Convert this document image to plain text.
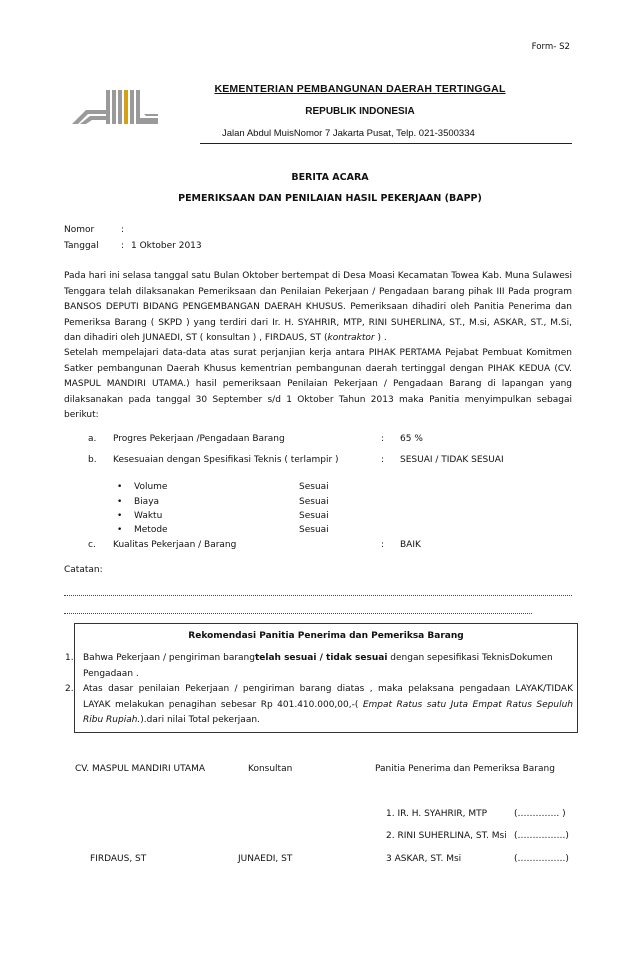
Form- S2
KEMENTERIAN PEMBANGUNAN DAERAH TERTINGGAL
REPUBLIK INDONESIA
Jalan Abdul MuisNomor 7 Jakarta Pusat, Telp. 021-3500334
BERITA ACARA
PEMERIKSAAN DAN PENILAIAN HASIL PEKERJAAN (BAPP)
Nomor	:
Tanggal : 1 Oktober 2013
Pada hari ini selasa tanggal satu Bulan Oktober bertempat di Desa Moasi Kecamatan Towea Kab. Muna Sulawesi Tenggara telah dilaksanakan Pemeriksaan dan Penilaian Pekerjaan / Pengadaan barang pihak III Pada program BANSOS DEPUTI BIDANG PENGEMBANGAN DAERAH KHUSUS. Pemeriksaan dihadiri oleh Panitia Penerima dan Pemeriksa Barang ( SKPD ) yang terdiri dari Ir. H. SYAHRIR, MTP, RINI SUHERLINA, ST., M.si, ASKAR, ST., M.Si, dan dihadiri oleh JUNAEDI, ST ( konsultan ) , FIRDAUS, ST (kontraktor ) .
Setelah mempelajari data-data atas surat perjanjian kerja antara PIHAK PERTAMA Pejabat Pembuat Komitmen Satker pembangunan Daerah Khusus kementrian pembangunan daerah tertinggal dengan PIHAK KEDUA (CV. MASPUL MANDIRI UTAMA.) hasil pemeriksaan Penilaian Pekerjaan / Pengadaan Barang di lapangan yang dilaksanakan pada tanggal 30 September s/d 1 Oktober Tahun 2013 maka Panitia menyimpulkan sebagai berikut:
a. Progres Pekerjaan /Pengadaan Barang	: 65 %
b. Kesesuaian dengan Spesifikasi Teknis ( terlampir )	: SESUAI / TIDAK SESUAI
• Volume	Sesuai
• Biaya	Sesuai
• Waktu	Sesuai
• Metode	Sesuai
c. Kualitas Pekerjaan / Barang	: BAIK
Catatan:
Rekomendasi Panitia Penerima dan Pemeriksa Barang
1. Bahwa Pekerjaan / pengiriman barangtelah sesuai / tidak sesuai dengan sepesifikasi TeknisDokumen Pengadaan .
2. Atas dasar penilaian Pekerjaan / pengiriman barang diatas , maka pelaksana pengadaan LAYAK/TIDAK LAYAK melakukan penagihan sebesar Rp 401.410.000,00,-( Empat Ratus satu Juta Empat Ratus Sepuluh Ribu Rupiah.).dari nilai Total pekerjaan.
CV. MASPUL MANDIRI UTAMA	Konsultan	Panitia Penerima dan Pemeriksa Barang
1. IR. H. SYAHRIR, MTP	(………….. )
2. RINI SUHERLINA, ST. Msi (…………….)
FIRDAUS, ST	JUNAEDI, ST	3 ASKAR, ST. Msi	(…………….)
